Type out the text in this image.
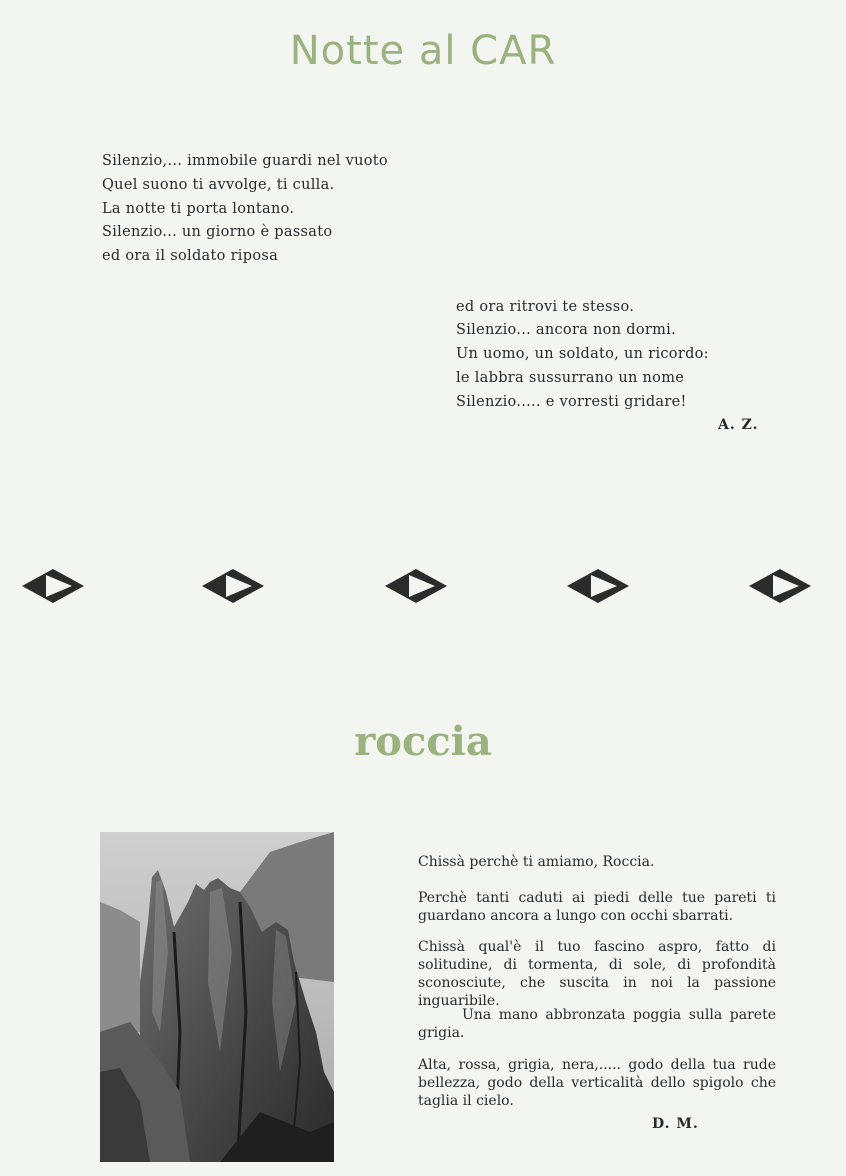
Notte al CAR
Silenzio,... immobile guardi nel vuoto
Quel suono ti avvolge, ti culla.
La notte ti porta lontano.
Silenzio... un giorno è passato
ed ora il soldato riposa
ed ora ritrovi te stesso.
Silenzio... ancora non dormi.
Un uomo, un soldato, un ricordo:
le labbra sussurrano un nome
Silenzio..... e vorresti gridare!
A. Z.
roccia
Chissà perchè ti amiamo, Roccia.
Perchè tanti caduti ai piedi delle tue pareti ti guardano ancora a lungo con occhi sbarrati.
Chissà qual'è il tuo fascino aspro, fatto di solitudine, di tormenta, di sole, di profondità sconosciute, che suscita in noi la passione inguaribile.
Una mano abbronzata poggia sulla parete grigia.
Alta, rossa, grigia, nera,..... godo della tua rude bellezza, godo della verticalità dello spigolo che taglia il cielo.
D. M.
